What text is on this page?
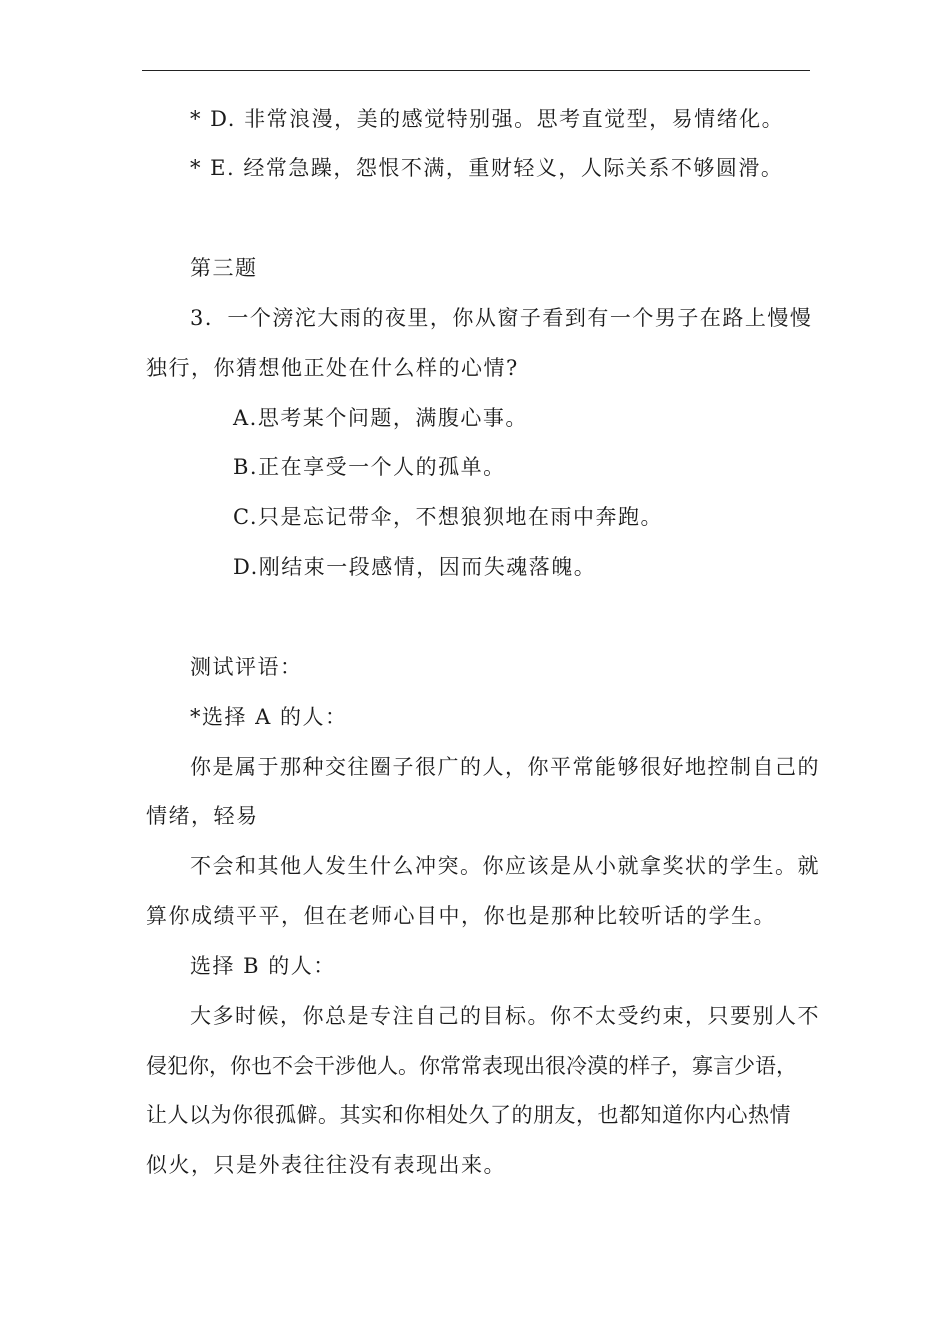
* D. 非常浪漫，美的感觉特别强。思考直觉型，易情绪化。
* E. 经常急躁，怨恨不满，重财轻义，人际关系不够圆滑。
第三题
3．一个滂沱大雨的夜里，你从窗子看到有一个男子在路上慢慢
独行，你猜想他正处在什么样的心情?
A.思考某个问题，满腹心事。
B.正在享受一个人的孤单。
C.只是忘记带伞，不想狼狈地在雨中奔跑。
D.刚结束一段感情，因而失魂落魄。
测试评语：
*选择 A 的人：
你是属于那种交往圈子很广的人，你平常能够很好地控制自己的
情绪，轻易
不会和其他人发生什么冲突。你应该是从小就拿奖状的学生。就
算你成绩平平，但在老师心目中，你也是那种比较听话的学生。
选择 B 的人：
大多时候，你总是专注自己的目标。你不太受约束，只要别人不
侵犯你，你也不会干涉他人。你常常表现出很冷漠的样子，寡言少语，
让人以为你很孤僻。其实和你相处久了的朋友，也都知道你内心热情
似火，只是外表往往没有表现出来。
